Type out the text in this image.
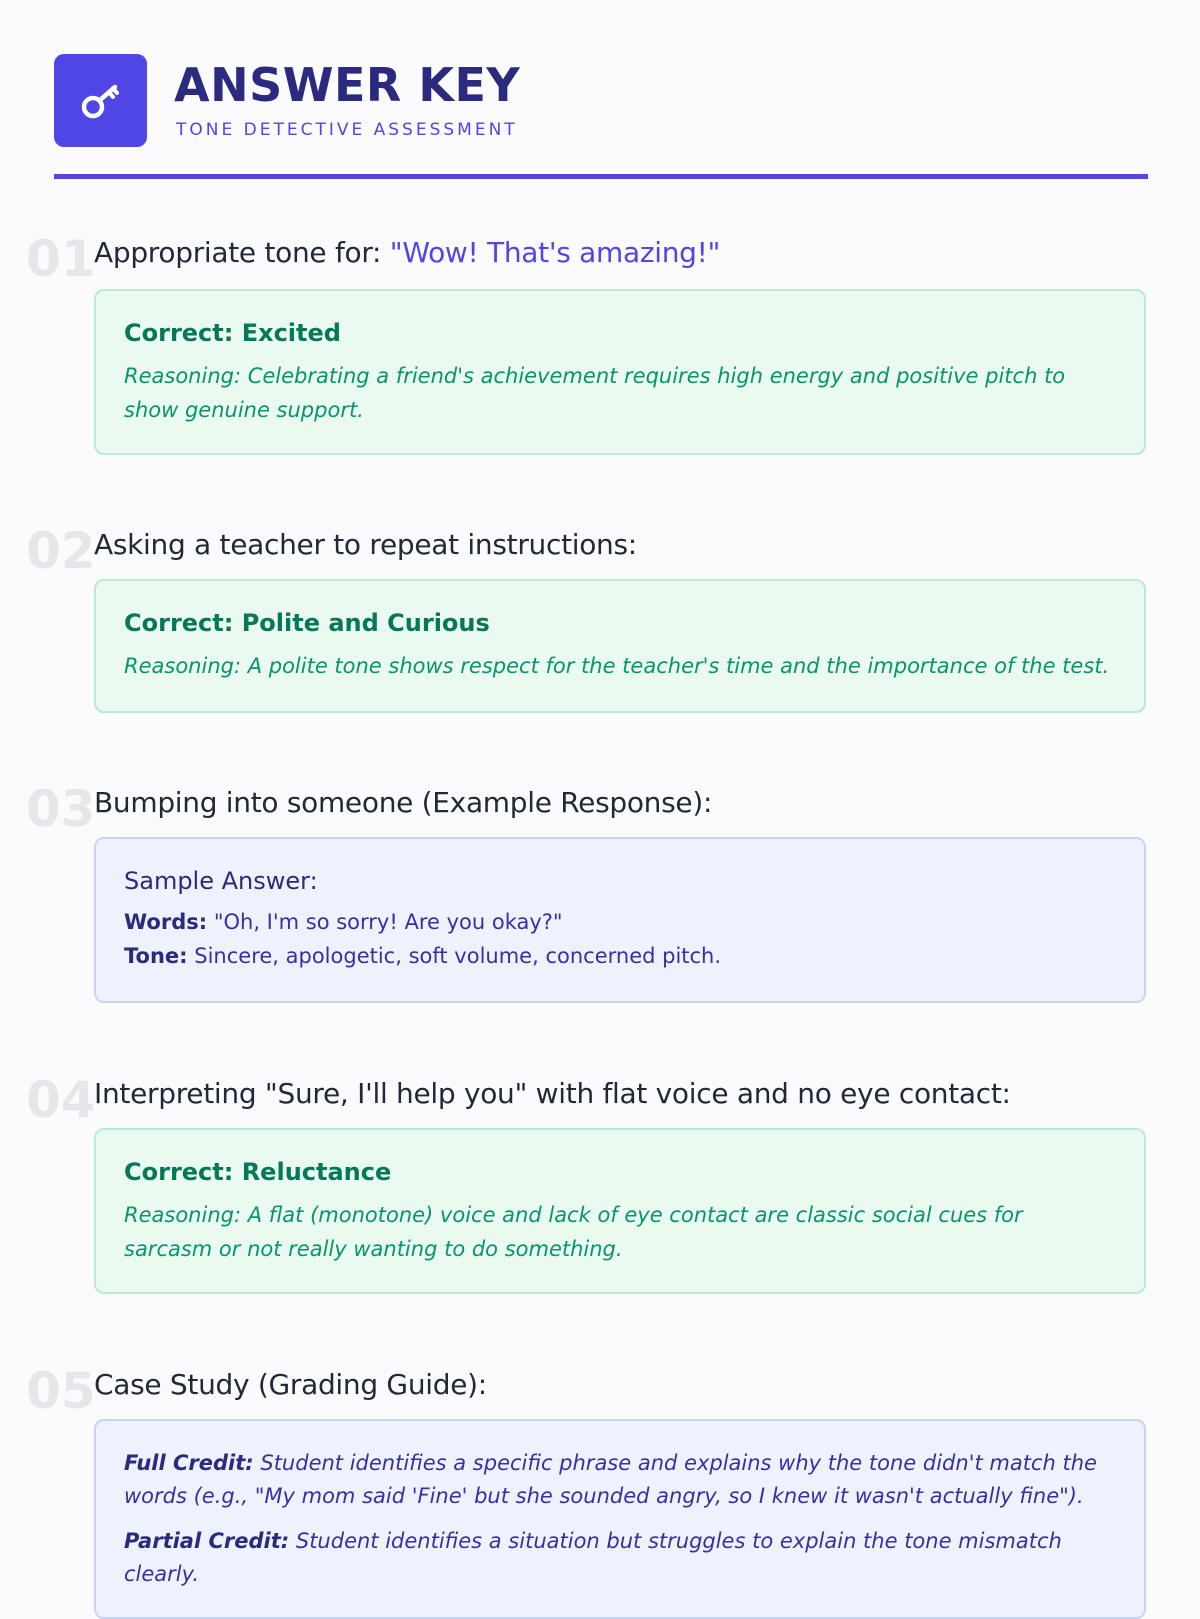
ANSWER KEY
TONE DETECTIVE ASSESSMENT
01
Appropriate tone for: "Wow! That's amazing!"
Correct: Excited
Reasoning: Celebrating a friend's achievement requires high energy and positive pitch to show genuine support.
02
Asking a teacher to repeat instructions:
Correct: Polite and Curious
Reasoning: A polite tone shows respect for the teacher's time and the importance of the test.
03
Bumping into someone (Example Response):
Sample Answer:
Words: "Oh, I'm so sorry! Are you okay?"
Tone: Sincere, apologetic, soft volume, concerned pitch.
04
Interpreting "Sure, I'll help you" with flat voice and no eye contact:
Correct: Reluctance
Reasoning: A flat (monotone) voice and lack of eye contact are classic social cues for sarcasm or not really wanting to do something.
05
Case Study (Grading Guide):
Full Credit: Student identifies a specific phrase and explains why the tone didn't match the words (e.g., "My mom said 'Fine' but she sounded angry, so I knew it wasn't actually fine").
Partial Credit: Student identifies a situation but struggles to explain the tone mismatch clearly.
